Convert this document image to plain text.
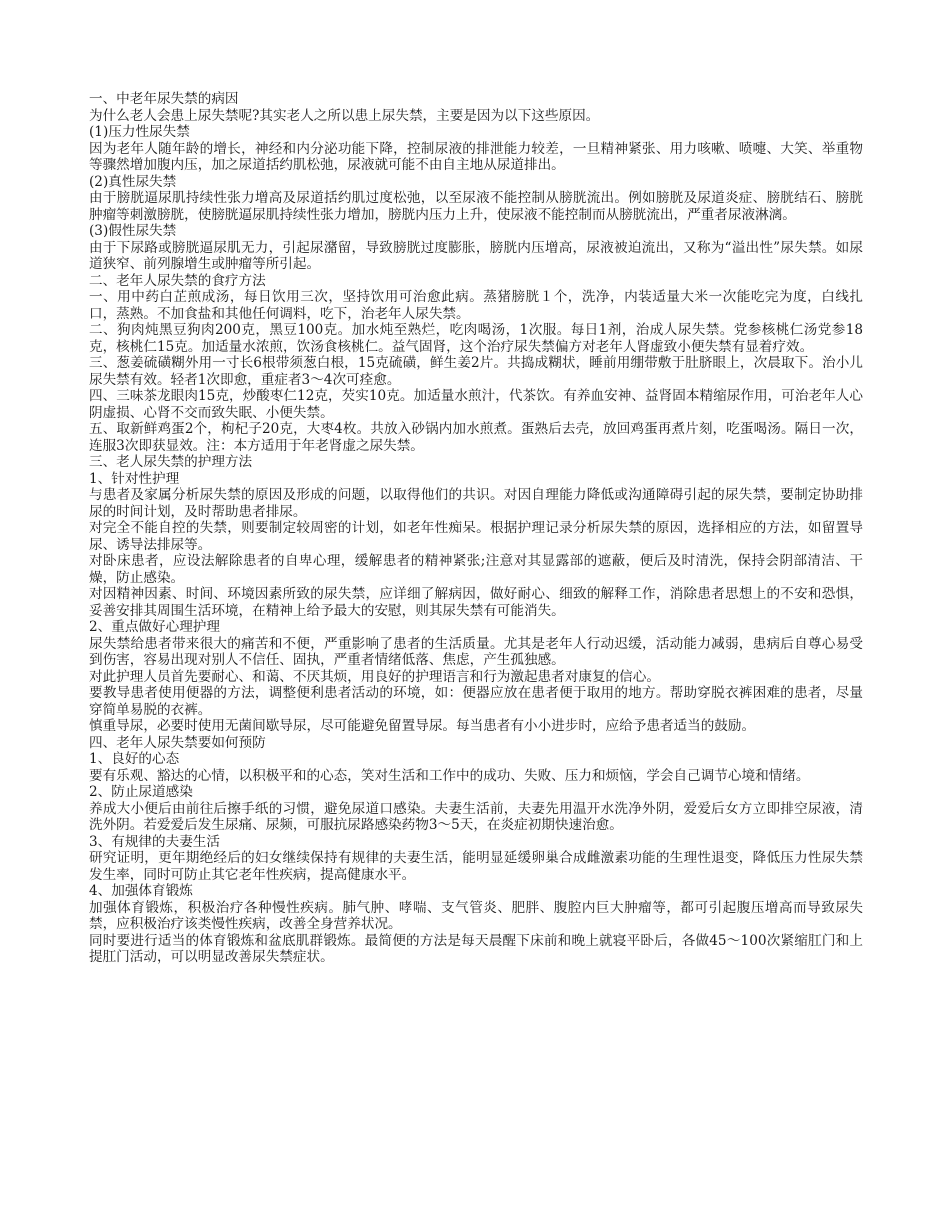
一、中老年尿失禁的病因

为什么老人会患上尿失禁呢?其实老人之所以患上尿失禁，主要是因为以下这些原因。

(1)压力性尿失禁

因为老年人随年龄的增长，神经和内分泌功能下降，控制尿液的排泄能力较差，一旦精神紧张、用力咳嗽、喷嚏、大笑、举重物等骤然增加腹内压，加之尿道括约肌松弛，尿液就可能不由自主地从尿道排出。

(2)真性尿失禁

由于膀胱逼尿肌持续性张力增高及尿道括约肌过度松弛，以至尿液不能控制从膀胱流出。例如膀胱及尿道炎症、膀胱结石、膀胱肿瘤等刺激膀胱，使膀胱逼尿肌持续性张力增加，膀胱内压力上升，使尿液不能控制而从膀胱流出，严重者尿液淋漓。

(3)假性尿失禁

由于下尿路或膀胱逼尿肌无力，引起尿潴留，导致膀胱过度膨胀，膀胱内压增高，尿液被迫流出，又称为“溢出性”尿失禁。如尿道狭窄、前列腺增生或肿瘤等所引起。

二、老年人尿失禁的食疗方法

一、用中药白芷煎成汤，每日饮用三次，坚持饮用可治愈此病。蒸猪膀胱１个，洗净，内装适量大米一次能吃完为度，白线扎口，蒸熟。不加食盐和其他任何调料，吃下，治老年人尿失禁。

二、狗肉炖黑豆狗肉200克，黑豆100克。加水炖至熟烂，吃肉喝汤，1次服。每日1剂，治成人尿失禁。党参核桃仁汤党参18克，核桃仁15克。加适量水浓煎，饮汤食核桃仁。益气固肾，这个治疗尿失禁偏方对老年人肾虚致小便失禁有显着疗效。

三、葱姜硫磺糊外用一寸长6根带须葱白根，15克硫磺，鲜生姜2片。共捣成糊状，睡前用绷带敷于肚脐眼上，次晨取下。治小儿尿失禁有效。轻者1次即愈，重症者3～4次可痊愈。

四、三味茶龙眼肉15克，炒酸枣仁12克，芡实10克。加适量水煎汁，代茶饮。有养血安神、益肾固本精缩尿作用，可治老年人心阴虚损、心肾不交而致失眠、小便失禁。

五、取新鲜鸡蛋2个，枸杞子20克，大枣4枚。共放入砂锅内加水煎煮。蛋熟后去壳，放回鸡蛋再煮片刻，吃蛋喝汤。隔日一次，连服3次即获显效。注：本方适用于年老肾虚之尿失禁。

三、老人尿失禁的护理方法

1、针对性护理

与患者及家属分析尿失禁的原因及形成的问题，以取得他们的共识。对因自理能力降低或沟通障碍引起的尿失禁，要制定协助排尿的时间计划，及时帮助患者排尿。

对完全不能自控的失禁，则要制定较周密的计划，如老年性痴呆。根据护理记录分析尿失禁的原因，选择相应的方法，如留置导尿、诱导法排尿等。

对卧床患者，应设法解除患者的自卑心理，缓解患者的精神紧张;注意对其显露部的遮蔽，便后及时清洗，保持会阴部清洁、干燥，防止感染。

对因精神因素、时间、环境因素所致的尿失禁，应详细了解病因，做好耐心、细致的解释工作，消除患者思想上的不安和恐惧，妥善安排其周围生活环境，在精神上给予最大的安慰，则其尿失禁有可能消失。

2、重点做好心理护理

尿失禁给患者带来很大的痛苦和不便，严重影响了患者的生活质量。尤其是老年人行动迟缓，活动能力减弱，患病后自尊心易受到伤害，容易出现对别人不信任、固执，严重者情绪低落、焦虑，产生孤独感。

对此护理人员首先要耐心、和蔼、不厌其烦，用良好的护理语言和行为激起患者对康复的信心。

要教导患者使用便器的方法，调整便利患者活动的环境，如：便器应放在患者便于取用的地方。帮助穿脱衣裤困难的患者，尽量穿简单易脱的衣裤。

慎重导尿，必要时使用无菌间歇导尿，尽可能避免留置导尿。每当患者有小小进步时，应给予患者适当的鼓励。

四、老年人尿失禁要如何预防

1、良好的心态

要有乐观、豁达的心情，以积极平和的心态，笑对生活和工作中的成功、失败、压力和烦恼，学会自己调节心境和情绪。

2、防止尿道感染

养成大小便后由前往后擦手纸的习惯，避免尿道口感染。夫妻生活前，夫妻先用温开水洗净外阴，爱爱后女方立即排空尿液，清洗外阴。若爱爱后发生尿痛、尿频，可服抗尿路感染药物3～5天，在炎症初期快速治愈。

3、有规律的夫妻生活

研究证明，更年期绝经后的妇女继续保持有规律的夫妻生活，能明显延缓卵巢合成雌激素功能的生理性退变，降低压力性尿失禁发生率，同时可防止其它老年性疾病，提高健康水平。

4、加强体育锻炼

加强体育锻炼，积极治疗各种慢性疾病。肺气肿、哮喘、支气管炎、肥胖、腹腔内巨大肿瘤等，都可引起腹压增高而导致尿失禁，应积极治疗该类慢性疾病，改善全身营养状况。

同时要进行适当的体育锻炼和盆底肌群锻炼。最简便的方法是每天晨醒下床前和晚上就寝平卧后，各做45～100次紧缩肛门和上提肛门活动，可以明显改善尿失禁症状。
